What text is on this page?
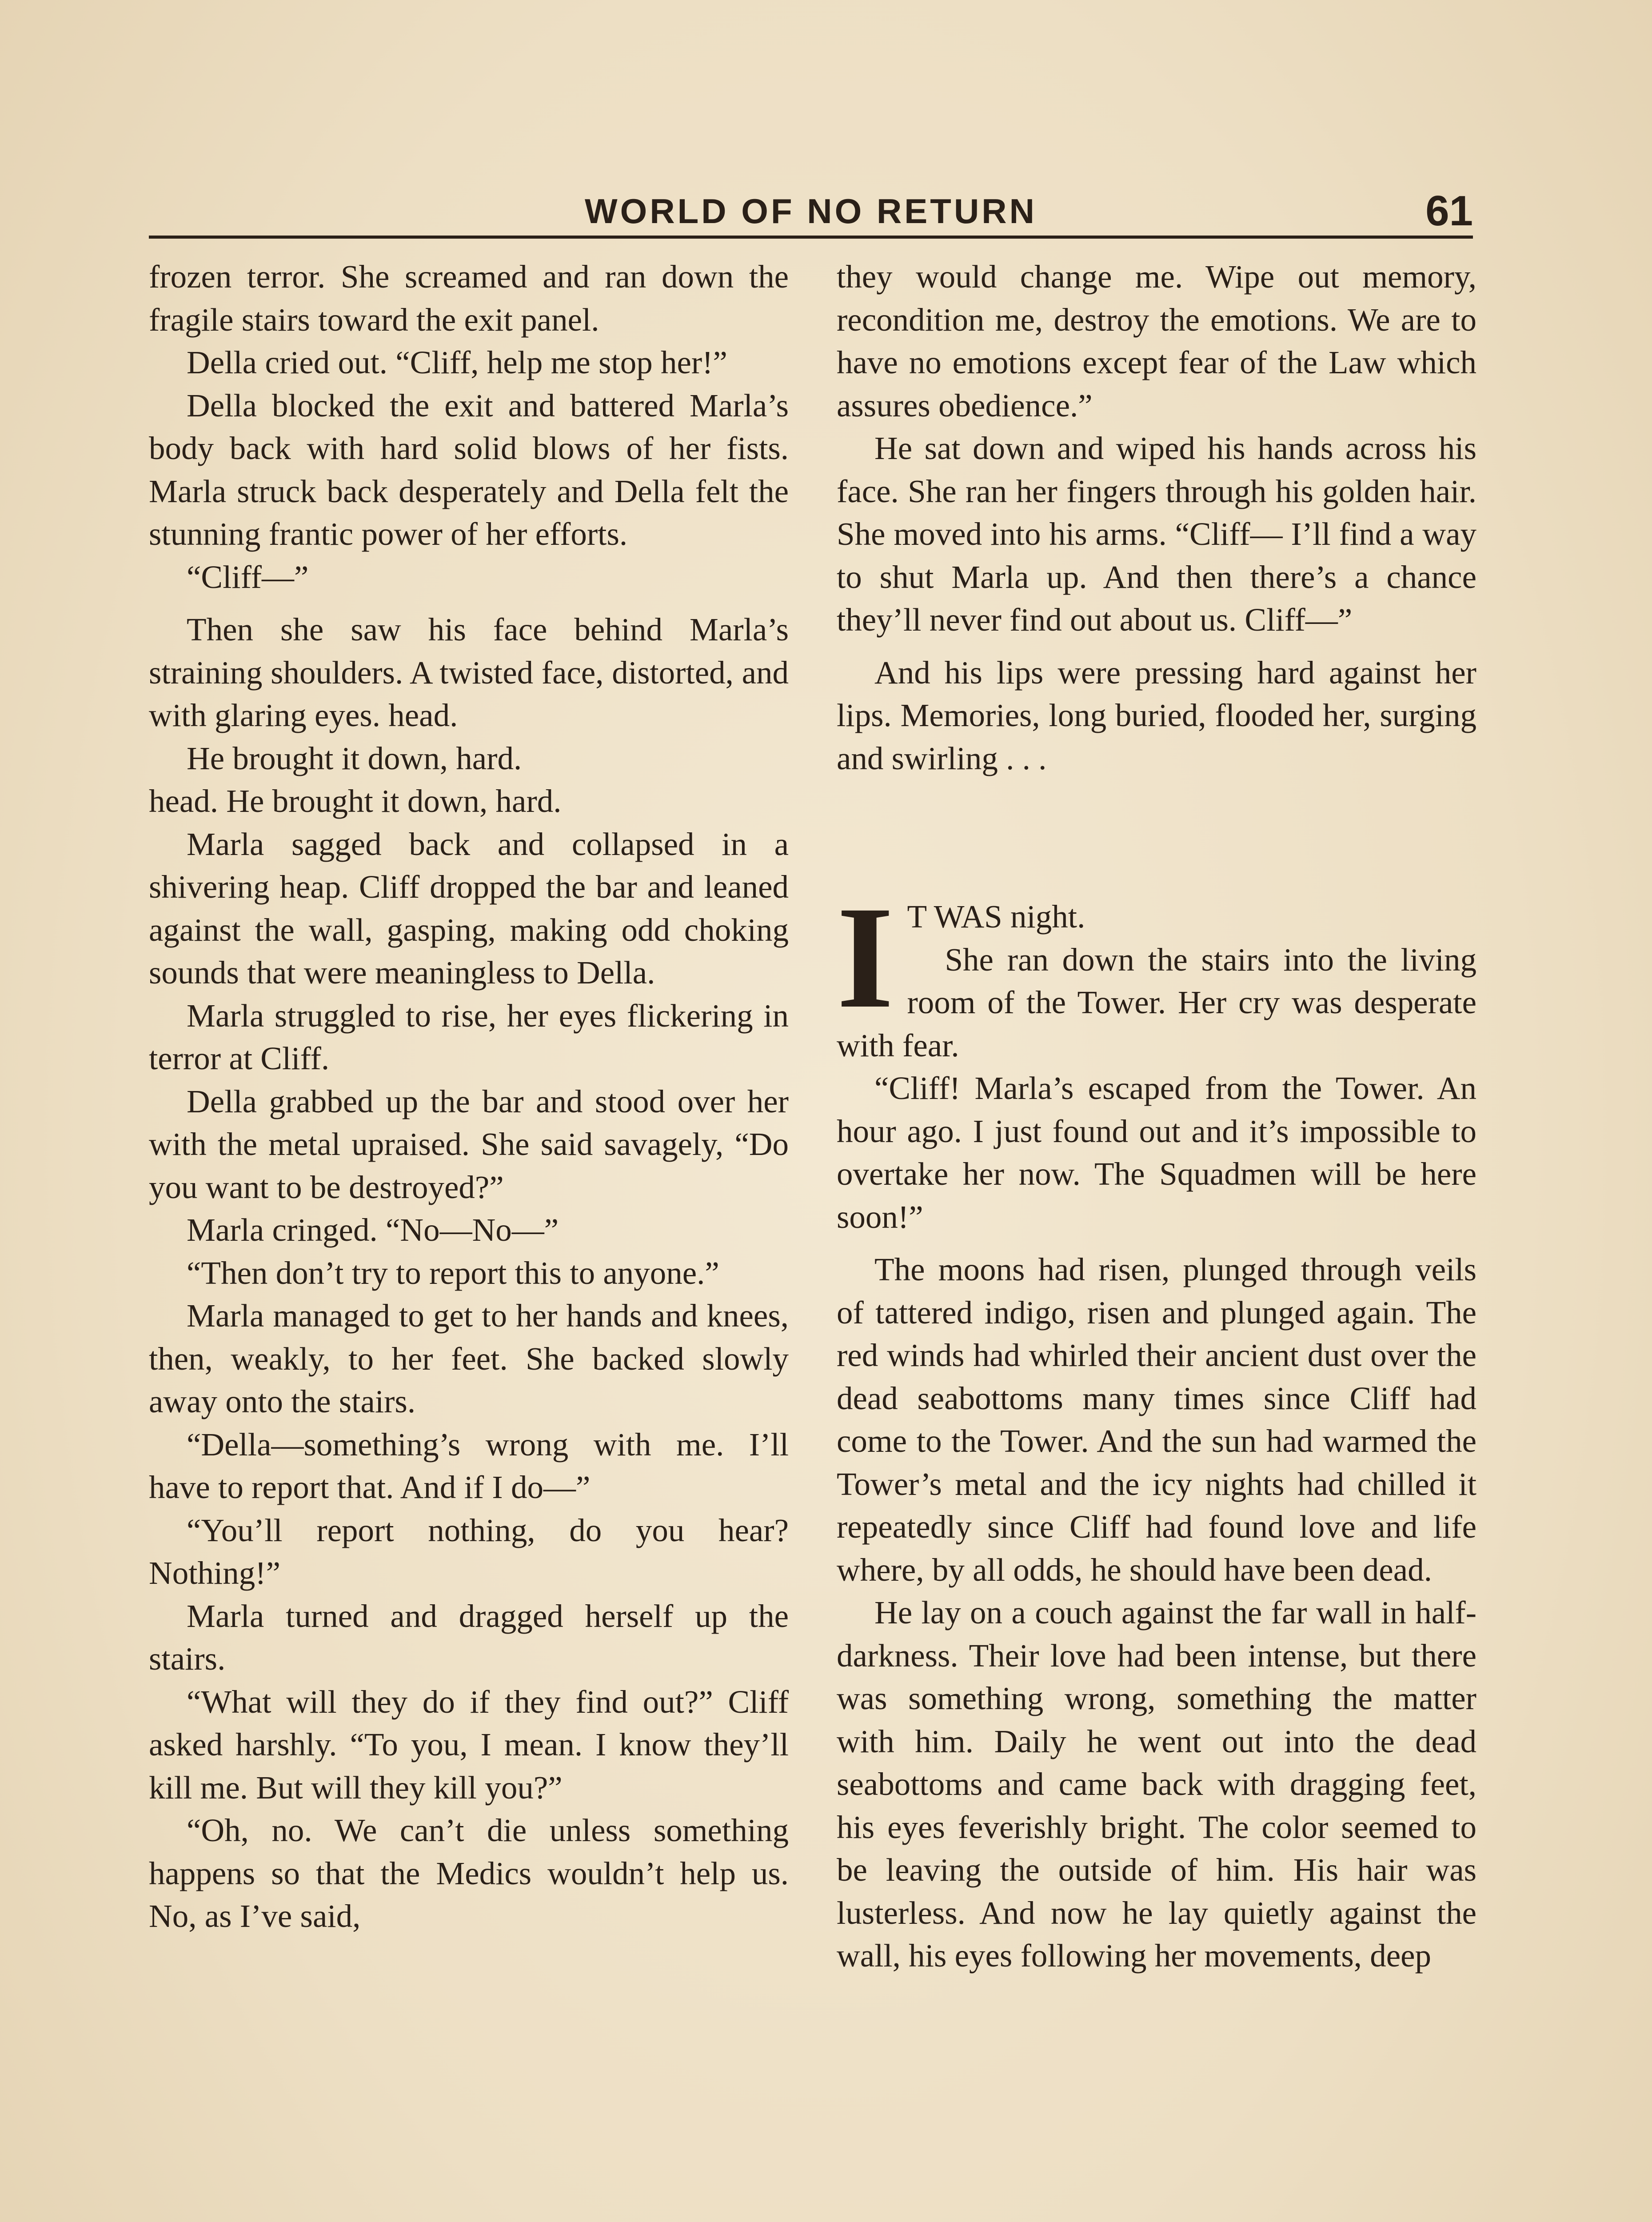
WORLD OF NO RETURN	61

frozen terror. She screamed and ran down the fragile stairs toward the exit panel.

Della cried out. “Cliff, help me stop her!”

Della blocked the exit and battered Marla’s body back with hard solid blows of her fists. Marla struck back desperately and Della felt the stunning frantic power of her efforts.

“Cliff—”

Then she saw his face behind Marla’s straining shoulders. A twisted face, distorted, and with glaring eyes. head.

He brought it down, hard.

head. He brought it down, hard.

Marla sagged back and collapsed in a shivering heap. Cliff dropped the bar and leaned against the wall, gasping, making odd choking sounds that were meaningless to Della.

Marla struggled to rise, her eyes flickering in terror at Cliff.

Della grabbed up the bar and stood over her with the metal upraised. She said savagely, “Do you want to be destroyed?”

Marla cringed. “No—No—”

“Then don’t try to report this to anyone.”

Marla managed to get to her hands and knees, then, weakly, to her feet. She backed slowly away onto the stairs.

“Della—something’s wrong with me. I’ll have to report that. And if I do—”

“You’ll report nothing, do you hear? Nothing!”

Marla turned and dragged herself up the stairs.

“What will they do if they find out?” Cliff asked harshly. “To you, I mean. I know they’ll kill me. But will they kill you?”

“Oh, no. We can’t die unless something happens so that the Medics wouldn’t help us. No, as I’ve said,

they would change me. Wipe out memory, recondition me, destroy the emotions. We are to have no emotions except fear of the Law which assures obedience.”

He sat down and wiped his hands across his face. She ran her fingers through his golden hair. She moved into his arms. “Cliff— I’ll find a way to shut Marla up. And then there’s a chance they’ll never find out about us. Cliff—”

And his lips were pressing hard against her lips. Memories, long buried, flooded her, surging and swirling . . .

I T WAS night.
She ran down the stairs into the living room of the Tower. Her cry was desperate with fear.

“Cliff! Marla’s escaped from the Tower. An hour ago. I just found out and it’s impossible to overtake her now. The Squadmen will be here soon!”

The moons had risen, plunged through veils of tattered indigo, risen and plunged again. The red winds had whirled their ancient dust over the dead seabottoms many times since Cliff had come to the Tower. And the sun had warmed the Tower’s metal and the icy nights had chilled it repeatedly since Cliff had found love and life where, by all odds, he should have been dead.

He lay on a couch against the far wall in half-darkness. Their love had been intense, but there was something wrong, something the matter with him. Daily he went out into the dead seabottoms and came back with dragging feet, his eyes feverishly bright. The color seemed to be leaving the outside of him. His hair was lusterless. And now he lay quietly against the wall, his eyes following her movements, deep
